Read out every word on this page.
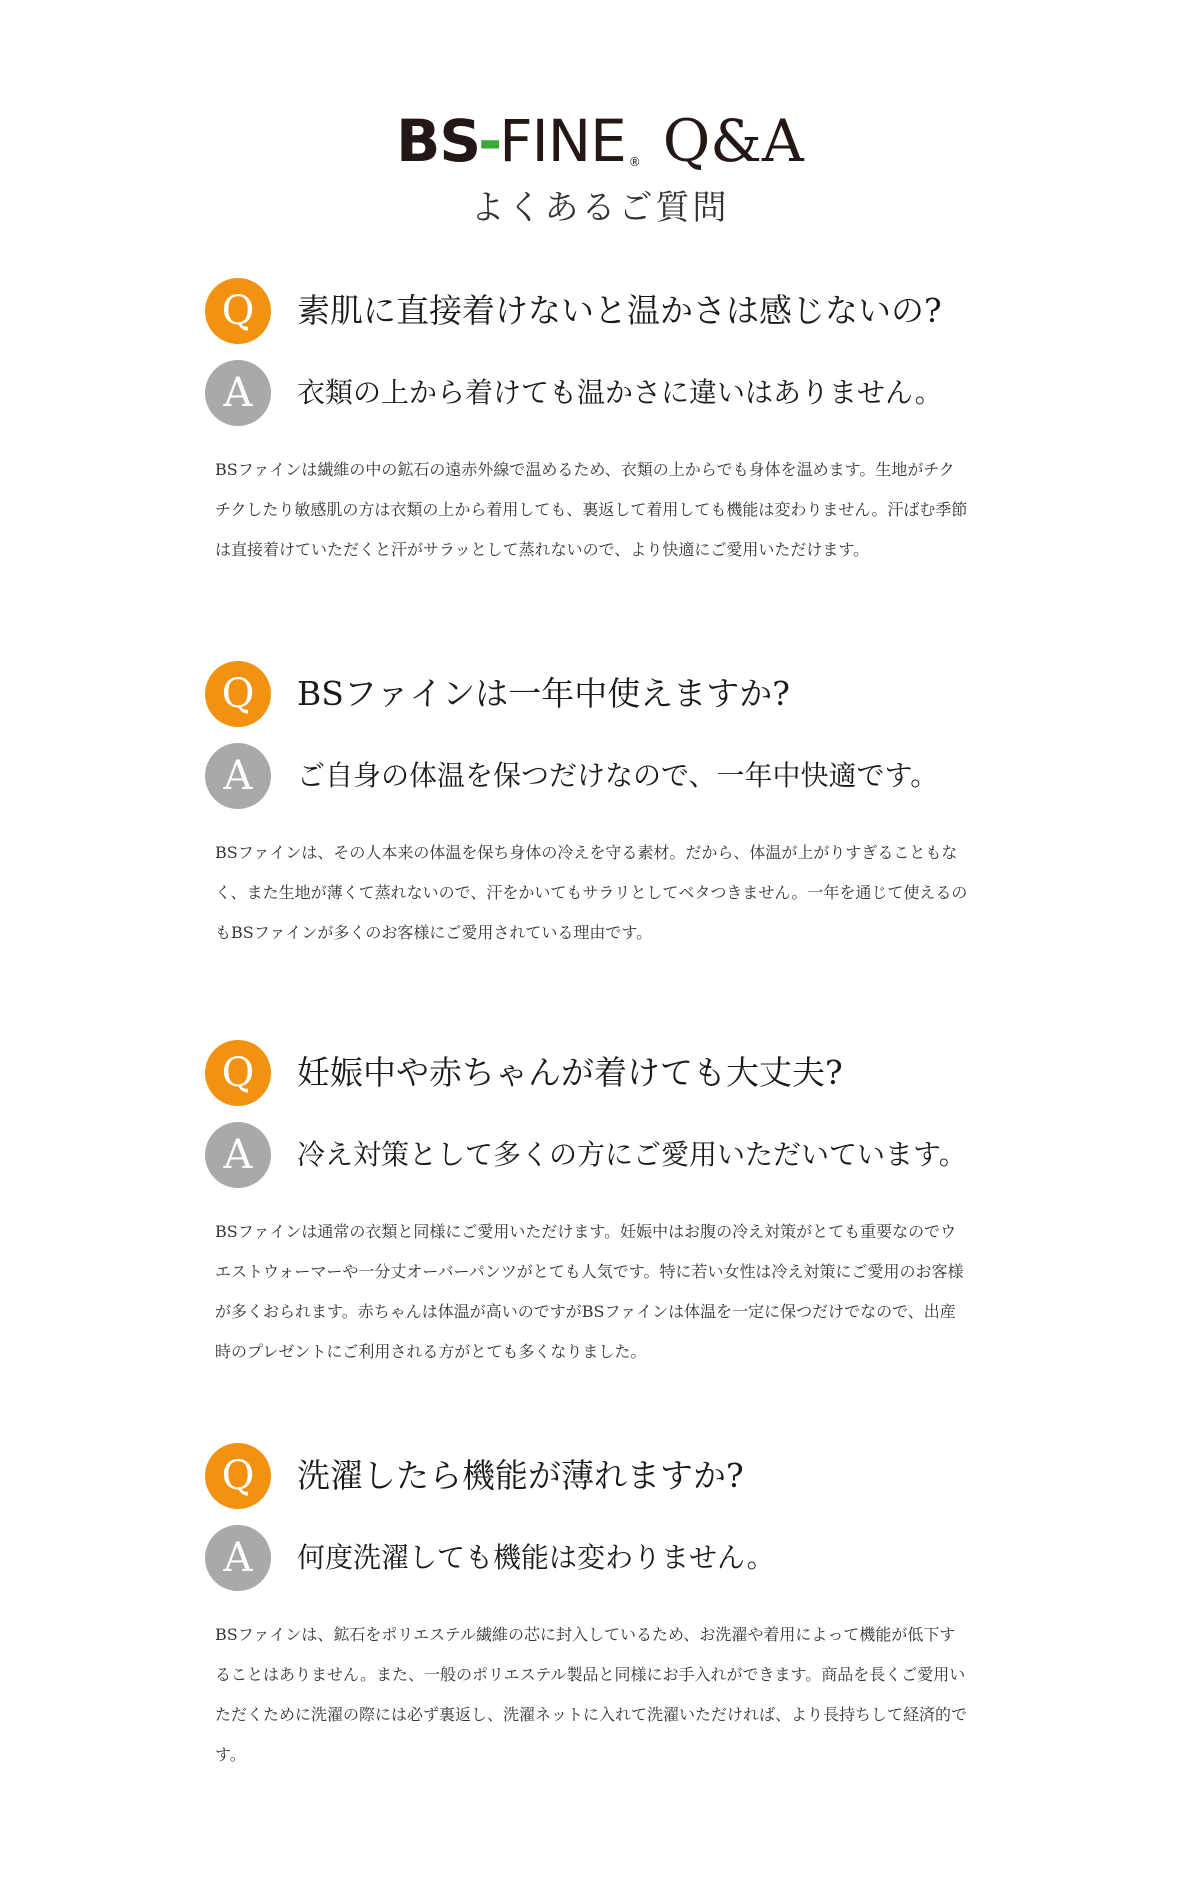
BS
-
FINE ® Q&A
よくあるご質問
Q	素肌に直接着けないと温かさは感じないの?
A	衣類の上から着けても温かさに違いはありません。

BSファインは繊維の中の鉱石の遠赤外線で温めるため、衣類の上からでも身体を温めます。生地がチクチクしたり敏感肌の方は衣類の上から着用しても、裏返して着用しても機能は変わりません。汗ばむ季節は直接着けていただくと汗がサラッとして蒸れないので、より快適にご愛用いただけます。

Q	BSファインは一年中使えますか?
A	ご自身の体温を保つだけなので、一年中快適です。

BSファインは、その人本来の体温を保ち身体の冷えを守る素材。だから、体温が上がりすぎることもなく、また生地が薄くて蒸れないので、汗をかいてもサラリとしてベタつきません。一年を通じて使えるのもBSファインが多くのお客様にご愛用されている理由です。

Q	妊娠中や赤ちゃんが着けても大丈夫?
A	冷え対策として多くの方にご愛用いただいています。

BSファインは通常の衣類と同様にご愛用いただけます。妊娠中はお腹の冷え対策がとても重要なのでウエストウォーマーや一分丈オーバーパンツがとても人気です。特に若い女性は冷え対策にご愛用のお客様が多くおられます。赤ちゃんは体温が高いのですがBSファインは体温を一定に保つだけでなので、出産時のプレゼントにご利用される方がとても多くなりました。

Q	洗濯したら機能が薄れますか?
A	何度洗濯しても機能は変わりません。

BSファインは、鉱石をポリエステル繊維の芯に封入しているため、お洗濯や着用によって機能が低下することはありません。また、一般のポリエステル製品と同様にお手入れができます。商品を長くご愛用いただくために洗濯の際には必ず裏返し、洗濯ネットに入れて洗濯いただければ、より長持ちして経済的です。
